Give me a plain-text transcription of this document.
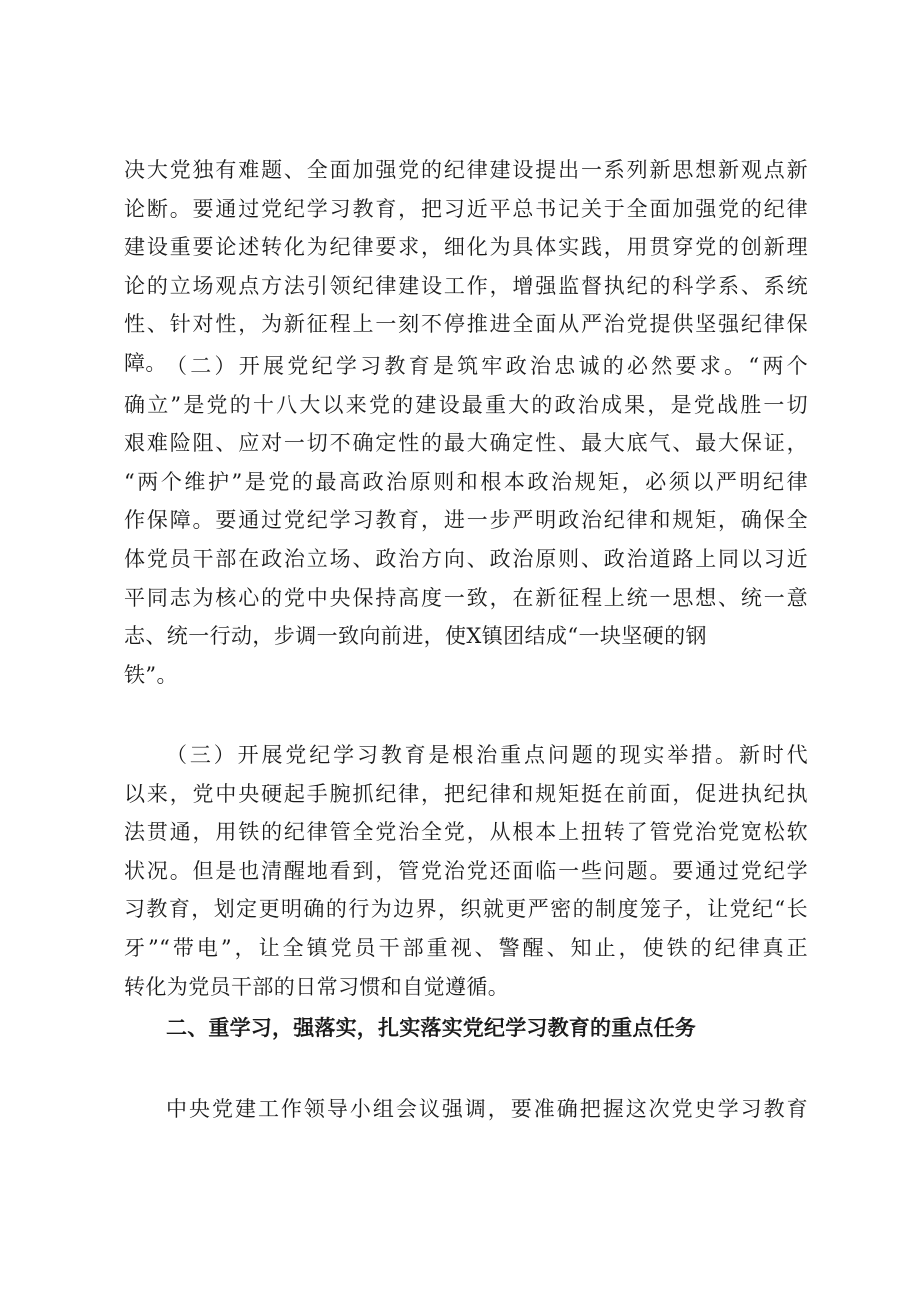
决大党独有难题、全面加强党的纪律建设提出一系列新思想新观点新
论断。要通过党纪学习教育，把习近平总书记关于全面加强党的纪律
建设重要论述转化为纪律要求，细化为具体实践，用贯穿党的创新理
论的立场观点方法引领纪律建设工作，增强监督执纪的科学系、系统
性、针对性，为新征程上一刻不停推进全面从严治党提供坚强纪律保
障。 （二）开展党纪学习教育是筑牢政治忠诚的必然要求。“两个
确立”是党的十八大以来党的建设最重大的政治成果，是党战胜一切
艰难险阻、应对一切不确定性的最大确定性、最大底气、最大保证，
“两个维护”是党的最高政治原则和根本政治规矩，必须以严明纪律
作保障。要通过党纪学习教育，进一步严明政治纪律和规矩，确保全
体党员干部在政治立场、政治方向、政治原则、政治道路上同以习近
平同志为核心的党中央保持高度一致，在新征程上统一思想、统一意
志、统一行动，步调一致向前进，使X镇团结成“一块坚硬的钢
铁”。
（三）开展党纪学习教育是根治重点问题的现实举措。新时代
以来，党中央硬起手腕抓纪律，把纪律和规矩挺在前面，促进执纪执
法贯通，用铁的纪律管全党治全党，从根本上扭转了管党治党宽松软
状况。但是也清醒地看到，管党治党还面临一些问题。要通过党纪学
习教育，划定更明确的行为边界，织就更严密的制度笼子，让党纪“长
牙”“带电”，让全镇党员干部重视、警醒、知止，使铁的纪律真正
转化为党员干部的日常习惯和自觉遵循。
二、重学习，强落实，扎实落实党纪学习教育的重点任务
中央党建工作领导小组会议强调，要准确把握这次党史学习教育
